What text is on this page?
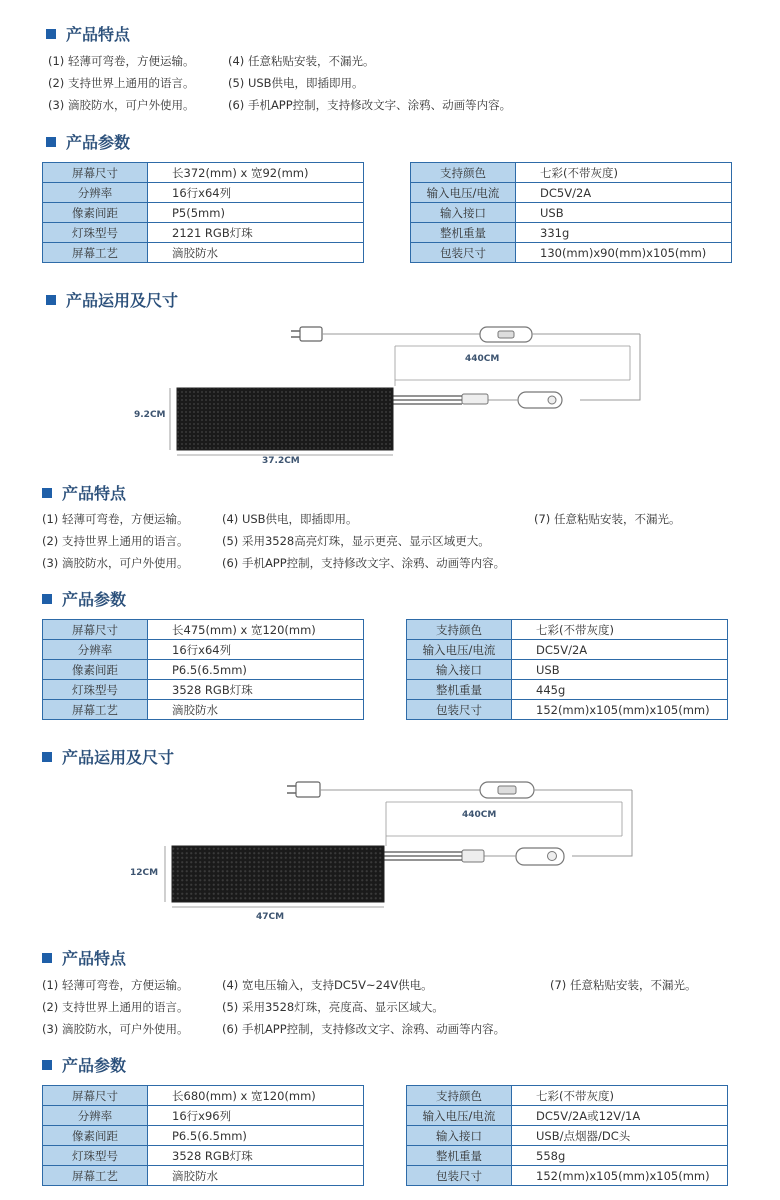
产品特点
(1) 轻薄可弯卷，方便运输。
(2) 支持世界上通用的语言。
(3) 滴胶防水，可户外使用。
(4) 任意粘贴安装，不漏光。
(5) USB供电，即插即用。
(6) 手机APP控制，支持修改文字、涂鸦、动画等内容。
产品参数
屏幕尺寸	长372(mm) x 宽92(mm)
分辨率	16行x64列
像素间距	P5(5mm)
灯珠型号	2121 RGB灯珠
屏幕工艺	滴胶防水
支持颜色	七彩(不带灰度)
输入电压/电流	DC5V/2A
输入接口	USB
整机重量	331g
包装尺寸	130(mm)x90(mm)x105(mm)
产品运用及尺寸
440CM
9.2CM
37.2CM
产品特点
(1) 轻薄可弯卷，方便运输。
(2) 支持世界上通用的语言。
(3) 滴胶防水，可户外使用。
(4) USB供电，即插即用。
(5) 采用3528高亮灯珠，显示更亮、显示区域更大。
(6) 手机APP控制，支持修改文字、涂鸦、动画等内容。
(7) 任意粘贴安装，不漏光。
产品参数
屏幕尺寸	长475(mm) x 宽120(mm)
分辨率	16行x64列
像素间距	P6.5(6.5mm)
灯珠型号	3528 RGB灯珠
屏幕工艺	滴胶防水
支持颜色	七彩(不带灰度)
输入电压/电流	DC5V/2A
输入接口	USB
整机重量	445g
包装尺寸	152(mm)x105(mm)x105(mm)
产品运用及尺寸
440CM
12CM
47CM
产品特点
(1) 轻薄可弯卷，方便运输。
(2) 支持世界上通用的语言。
(3) 滴胶防水，可户外使用。
(4) 宽电压输入，支持DC5V~24V供电。
(5) 采用3528灯珠，亮度高、显示区域大。
(6) 手机APP控制，支持修改文字、涂鸦、动画等内容。
(7) 任意粘贴安装，不漏光。
产品参数
屏幕尺寸	长680(mm) x 宽120(mm)
分辨率	16行x96列
像素间距	P6.5(6.5mm)
灯珠型号	3528 RGB灯珠
屏幕工艺	滴胶防水
支持颜色	七彩(不带灰度)
输入电压/电流	DC5V/2A或12V/1A
输入接口	USB/点烟器/DC头
整机重量	558g
包装尺寸	152(mm)x105(mm)x105(mm)
